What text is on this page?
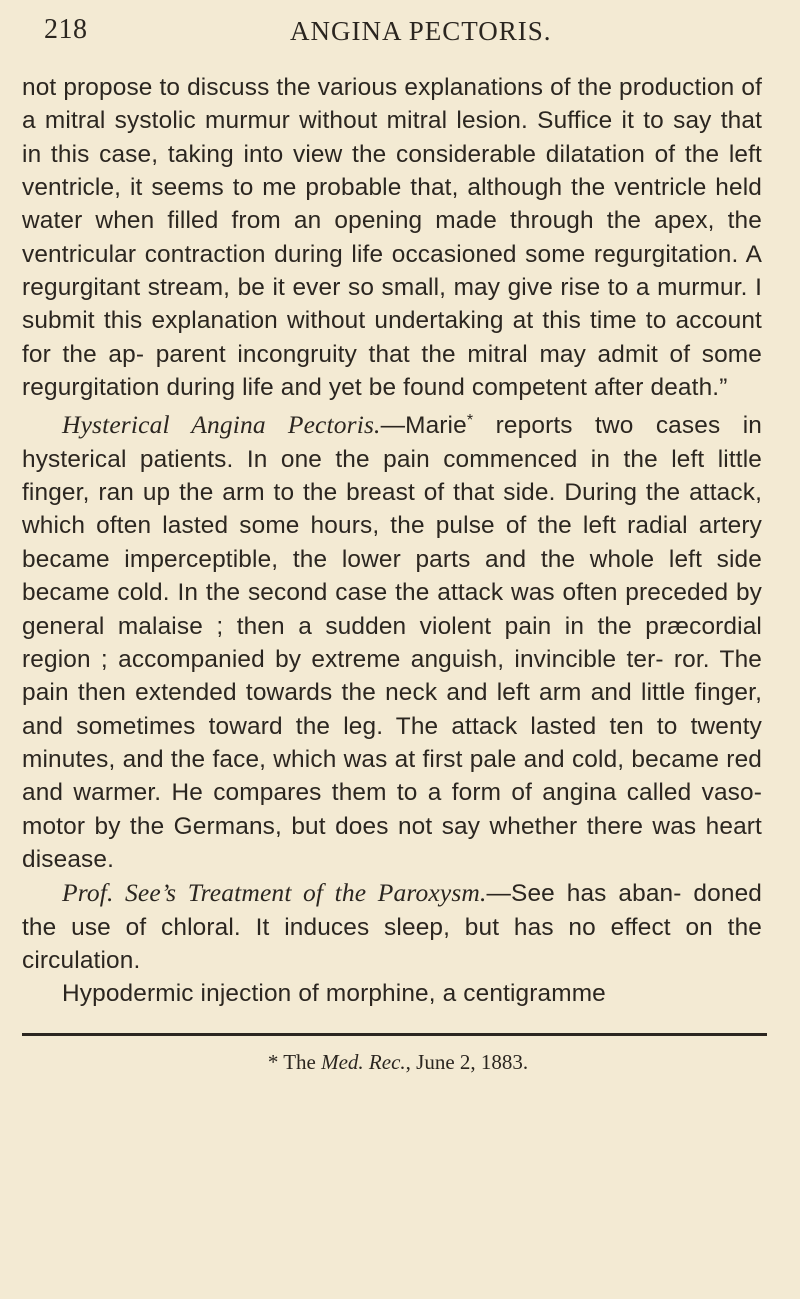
218	ANGINA PECTORIS.

not propose to discuss the various explanations of the production of a mitral systolic murmur without mitral lesion. Suffice it to say that in this case, taking into view the considerable dilatation of the left ventricle, it seems to me probable that, although the ventricle held water when filled from an opening made through the apex, the ventricular contraction during life occasioned some regurgitation. A regurgitant stream, be it ever so small, may give rise to a murmur. I submit this explanation without undertaking at this time to account for the ap- parent incongruity that the mitral may admit of some regurgitation during life and yet be found competent after death.”

Hysterical Angina Pectoris.—Marie* reports two cases in hysterical patients. In one the pain commenced in the left little finger, ran up the arm to the breast of that side. During the attack, which often lasted some hours, the pulse of the left radial artery became imperceptible, the lower parts and the whole left side became cold. In the second case the attack was often preceded by general malaise ; then a sudden violent pain in the præcordial region ; accompanied by extreme anguish, invincible ter- ror. The pain then extended towards the neck and left arm and little finger, and sometimes toward the leg. The attack lasted ten to twenty minutes, and the face, which was at first pale and cold, became red and warmer. He compares them to a form of angina called vaso-motor by the Germans, but does not say whether there was heart disease.

Prof. See’s Treatment of the Paroxysm.—See has aban- doned the use of chloral. It induces sleep, but has no effect on the circulation.

Hypodermic injection of morphine, a centigramme

* The Med. Rec., June 2, 1883.
